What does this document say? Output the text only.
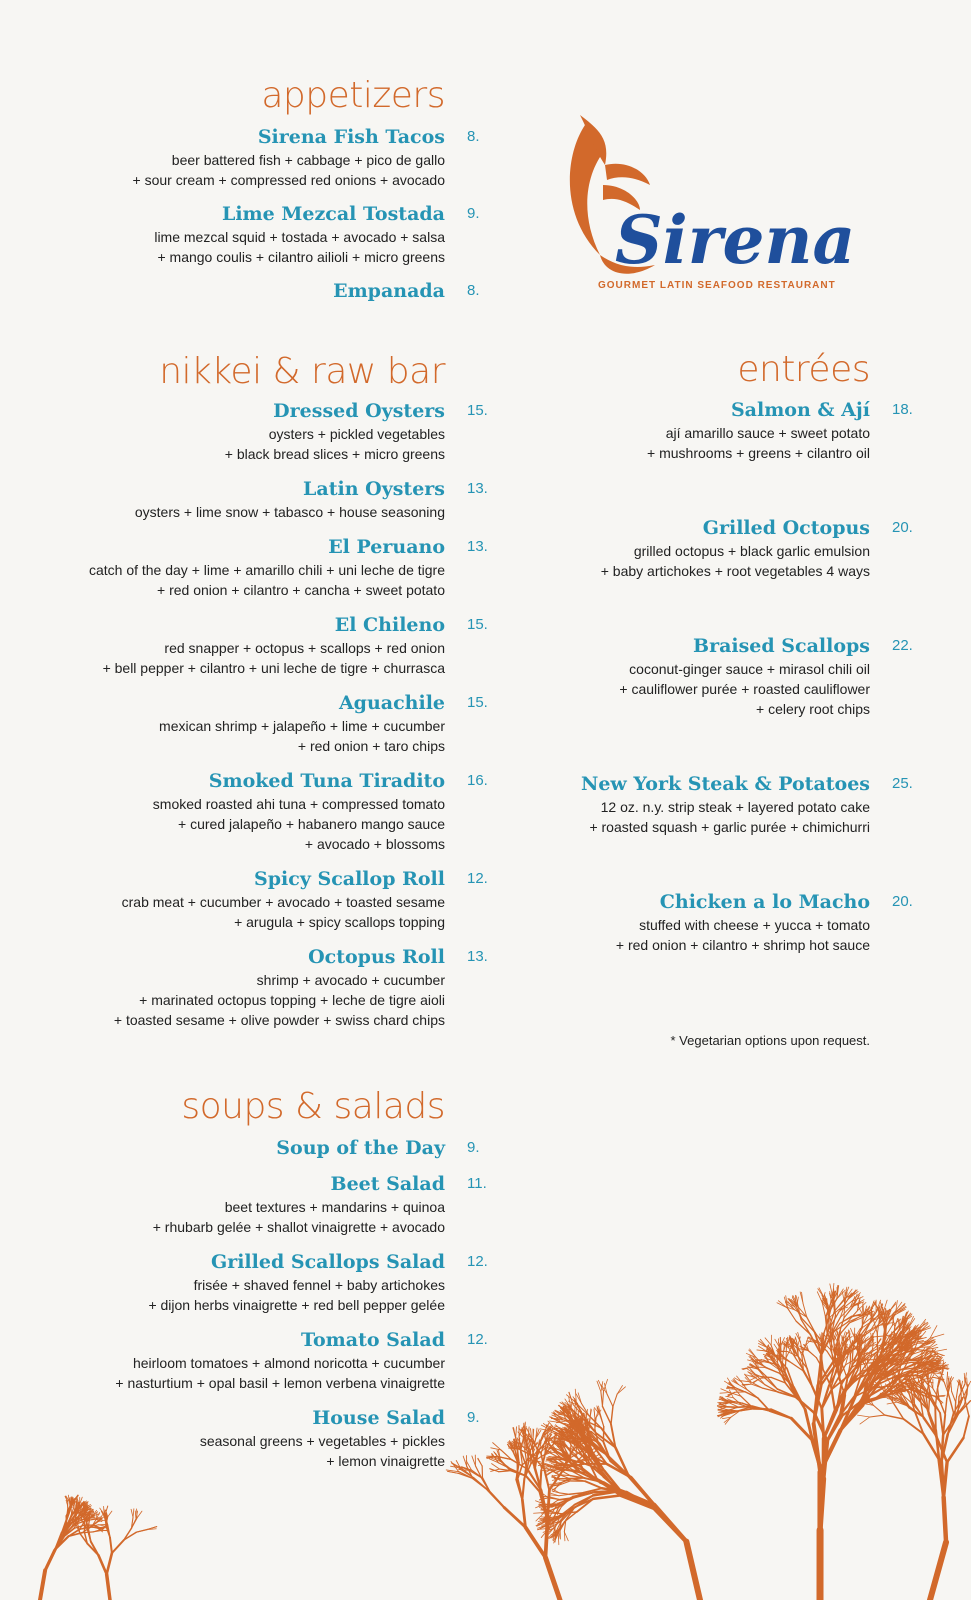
appetizers
Sirena Fish Tacos 8.
beer battered fish + cabbage + pico de gallo
+ sour cream + compressed red onions + avocado
Lime Mezcal Tostada 9.
lime mezcal squid + tostada + avocado + salsa
+ mango coulis + cilantro ailioli + micro greens
Empanada 8.
nikkei & raw bar
Dressed Oysters 15.
oysters + pickled vegetables
+ black bread slices + micro greens
Latin Oysters 13.
oysters + lime snow + tabasco + house seasoning
El Peruano 13.
catch of the day + lime + amarillo chili + uni leche de tigre
+ red onion + cilantro + cancha + sweet potato
El Chileno 15.
red snapper + octopus + scallops + red onion
+ bell pepper + cilantro + uni leche de tigre + churrasca
Aguachile 15.
mexican shrimp + jalapeño + lime + cucumber
+ red onion + taro chips
Smoked Tuna Tiradito 16.
smoked roasted ahi tuna + compressed tomato
+ cured jalapeño + habanero mango sauce
+ avocado + blossoms
Spicy Scallop Roll 12.
crab meat + cucumber + avocado + toasted sesame
+ arugula + spicy scallops topping
Octopus Roll 13.
shrimp + avocado + cucumber
+ marinated octopus topping + leche de tigre aioli
+ toasted sesame + olive powder + swiss chard chips
soups & salads
Soup of the Day 9.
Beet Salad 11.
beet textures + mandarins + quinoa
+ rhubarb gelée + shallot vinaigrette + avocado
Grilled Scallops Salad 12.
frisée + shaved fennel + baby artichokes
+ dijon herbs vinaigrette + red bell pepper gelée
Tomato Salad 12.
heirloom tomatoes + almond noricotta + cucumber
+ nasturtium + opal basil + lemon verbena vinaigrette
House Salad 9.
seasonal greens + vegetables + pickles
+ lemon vinaigrette
Sirena
GOURMET LATIN SEAFOOD RESTAURANT
entrées
Salmon & Ají 18.
ají amarillo sauce + sweet potato
+ mushrooms + greens + cilantro oil
Grilled Octopus 20.
grilled octopus + black garlic emulsion
+ baby artichokes + root vegetables 4 ways
Braised Scallops 22.
coconut-ginger sauce + mirasol chili oil
+ cauliflower purée + roasted cauliflower
+ celery root chips
New York Steak & Potatoes 25.
12 oz. n.y. strip steak + layered potato cake
+ roasted squash + garlic purée + chimichurri
Chicken a lo Macho 20.
stuffed with cheese + yucca + tomato
+ red onion + cilantro + shrimp hot sauce
* Vegetarian options upon request.
